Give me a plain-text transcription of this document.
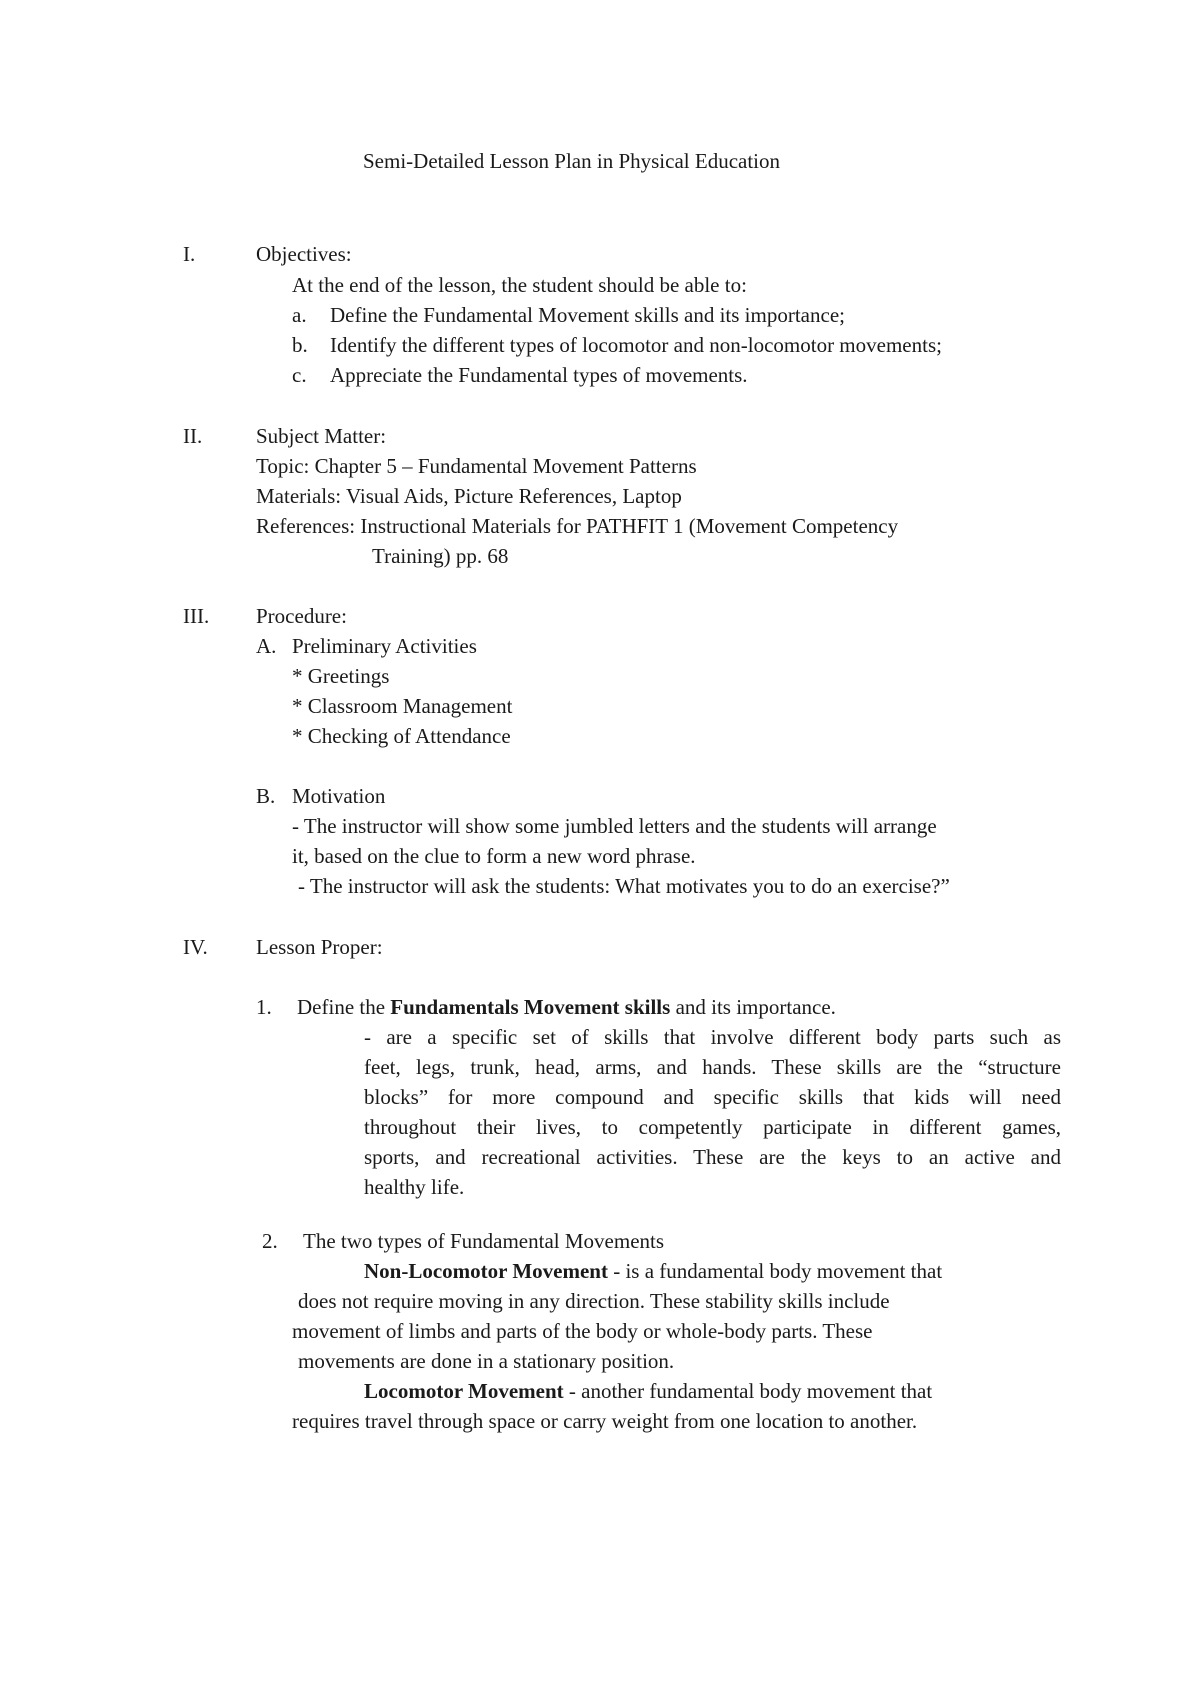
Semi-Detailed Lesson Plan in Physical Education
I.	Objectives:
At the end of the lesson, the student should be able to:
a. Define the Fundamental Movement skills and its importance;
b. Identify the different types of locomotor and non-locomotor movements;
c. Appreciate the Fundamental types of movements.
II.	Subject Matter:
Topic: Chapter 5 – Fundamental Movement Patterns
Materials: Visual Aids, Picture References, Laptop
References: Instructional Materials for PATHFIT 1 (Movement Competency
Training) pp. 68
III. Procedure:
A. Preliminary Activities
* Greetings
* Classroom Management
* Checking of Attendance
B. Motivation
- The instructor will show some jumbled letters and the students will arrange
it, based on the clue to form a new word phrase.
- The instructor will ask the students: What motivates you to do an exercise?”
IV. Lesson Proper:
1. Define the Fundamentals Movement skills and its importance.
- are a specific set of skills that involve different body parts such as
feet, legs, trunk, head, arms, and hands. These skills are the “structure
blocks” for more compound and specific skills that kids will need
throughout their lives, to competently participate in different games,
sports, and recreational activities. These are the keys to an active and
healthy life.
2. The two types of Fundamental Movements
Non-Locomotor Movement - is a fundamental body movement that
does not require moving in any direction. These stability skills include
movement of limbs and parts of the body or whole-body parts. These
movements are done in a stationary position.
Locomotor Movement - another fundamental body movement that
requires travel through space or carry weight from one location to another.
